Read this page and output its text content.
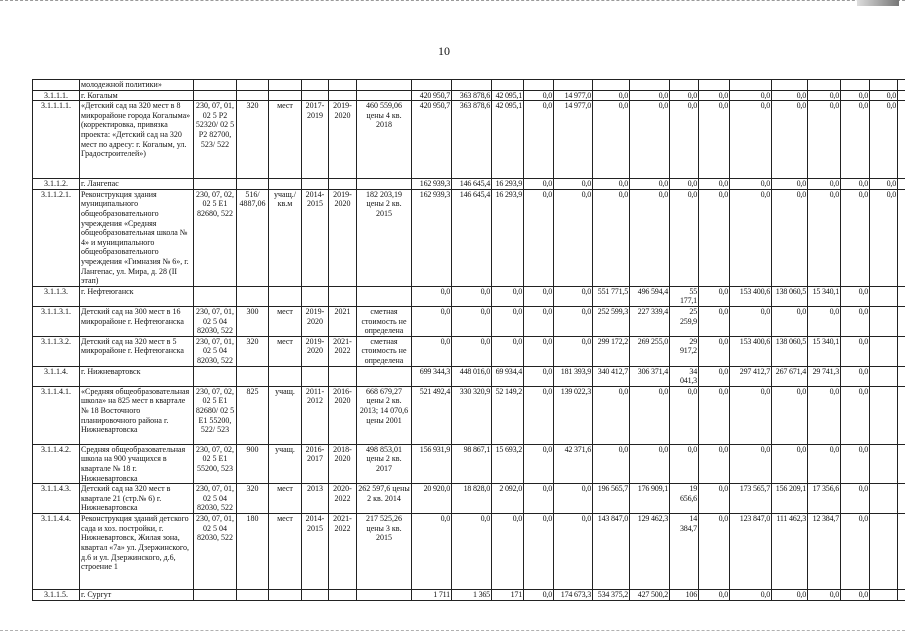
10
	молодежной политики»																					
3.1.1.1.	г. Когалым							420 950,7	363 878,6	42 095,1	0,0	14 977,0	0,0	0,0	0,0	0,0	0,0	0,0	0,0	0,0	0,0	
3.1.1.1.1.	«Детский сад на 320 мест в 8 микрорайоне города Когалыма» (корректировка, привязка проекта: «Детский сад на 320 мест по адресу: г. Когалым, ул. Градостроителей»)	230, 07, 01, 02 5 P2 52320/ 02 5 P2 82700, 523/ 522	320	мест	2017-2019	2019-2020	460 559,06 цены 4 кв. 2018	420 950,7	363 878,6	42 095,1	0,0	14 977,0	0,0	0,0	0,0	0,0	0,0	0,0	0,0	0,0	0,0	
3.1.1.2.	г. Лангепас							162 939,3	146 645,4	16 293,9	0,0	0,0	0,0	0,0	0,0	0,0	0,0	0,0	0,0	0,0	0,0	
3.1.1.2.1.	Реконструкция здания муниципального общеобразовательного учреждения «Средняя общеобразовательная школа № 4» и муниципального общеобразовательного учреждения «Гимназия № 6», г. Лангепас, ул. Мира, д. 28 (II этап)	230, 07, 02, 02 5 E1 82680, 522	516/ 4887,06	учащ./ кв.м	2014-2015	2019-2020	182 203,19 цены 2 кв. 2015	162 939,3	146 645,4	16 293,9	0,0	0,0	0,0	0,0	0,0	0,0	0,0	0,0	0,0	0,0	0,0	
3.1.1.3.	г. Нефтеюганск							0,0	0,0	0,0	0,0	0,0	551 771,5	496 594,4	55 177,1	0,0	153 400,6	138 060,5	15 340,1	0,0		
3.1.1.3.1.	Детский сад на 300 мест в 16 микрорайоне г. Нефтеюганска	230, 07, 01, 02 5 04 82030, 522	300	мест	2019-2020	2021	сметная стоимость не определена	0,0	0,0	0,0	0,0	0,0	252 599,3	227 339,4	25 259,9	0,0	0,0	0,0	0,0	0,0		
3.1.1.3.2.	Детский сад на 320 мест в 5 микрорайоне г. Нефтеюганска	230, 07, 01, 02 5 04 82030, 522	320	мест	2019-2020	2021-2022	сметная стоимость не определена	0,0	0,0	0,0	0,0	0,0	299 172,2	269 255,0	29 917,2	0,0	153 400,6	138 060,5	15 340,1	0,0		
3.1.1.4.	г. Нижневартовск							699 344,3	448 016,0	69 934,4	0,0	181 393,9	340 412,7	306 371,4	34 041,3	0,0	297 412,7	267 671,4	29 741,3	0,0		
3.1.1.4.1.	«Средняя общеобразовательная школа» на 825 мест в квартале № 18 Восточного планировочного района г. Нижневартовска	230, 07, 02, 02 5 E1 82680/ 02 5 E1 55200, 522/ 523	825	учащ.	2011-2012	2016-2020	668 679,27 цены 2 кв. 2013; 14 070,6 цены 2001	521 492,4	330 320,9	52 149,2	0,0	139 022,3	0,0	0,0	0,0	0,0	0,0	0,0	0,0	0,0		
3.1.1.4.2.	Средняя общеобразовательная школа на 900 учащихся в квартале № 18 г. Нижневартовска	230, 07, 02, 02 5 E1 55200, 523	900	учащ.	2016-2017	2018-2020	498 853,01 цены 2 кв. 2017	156 931,9	98 867,1	15 693,2	0,0	42 371,6	0,0	0,0	0,0	0,0	0,0	0,0	0,0	0,0		
3.1.1.4.3.	Детский сад на 320 мест в квартале 21 (стр.№ 6) г. Нижневартовска	230, 07, 01, 02 5 04 82030, 522	320	мест	2013	2020-2022	262 597,6 цены 2 кв. 2014	20 920,0	18 828,0	2 092,0	0,0	0,0	196 565,7	176 909,1	19 656,6	0,0	173 565,7	156 209,1	17 356,6	0,0		
3.1.1.4.4.	Реконструкция зданий детского сада и хоз. постройки, г. Нижневартовск, Жилая зона, квартал «7а» ул. Дзержинского, д.6 и ул. Дзержинского, д.6, строение 1	230, 07, 01, 02 5 04 82030, 522	180	мест	2014-2015	2021-2022	217 525,26 цены 3 кв. 2015	0,0	0,0	0,0	0,0	0,0	143 847,0	129 462,3	14 384,7	0,0	123 847,0	111 462,3	12 384,7	0,0		
3.1.1.5.	г. Сургут							1 711	1 365	171	0,0	174 673,3	534 375,2	427 500,2	106	0,0	0,0	0,0	0,0	0,0		
